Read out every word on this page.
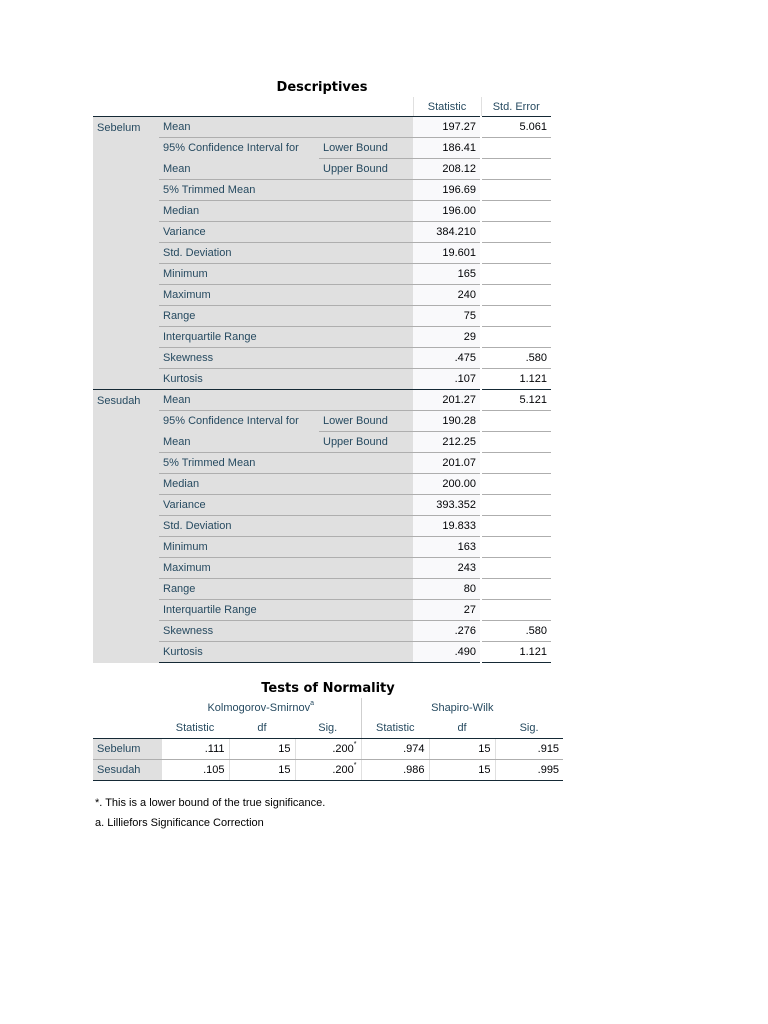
Descriptives
			Statistic	Std. Error
Sebelum	Mean		197.27	5.061
	95% Confidence Interval for	Lower Bound	186.41	
	Mean	Upper Bound	208.12	
	5% Trimmed Mean		196.69	
	Median		196.00	
	Variance		384.210	
	Std. Deviation		19.601	
	Minimum		165	
	Maximum		240	
	Range		75	
	Interquartile Range		29	
	Skewness		.475	.580
	Kurtosis		.107	1.121
Sesudah	Mean		201.27	5.121
	95% Confidence Interval for	Lower Bound	190.28	
	Mean	Upper Bound	212.25	
	5% Trimmed Mean		201.07	
	Median		200.00	
	Variance		393.352	
	Std. Deviation		19.833	
	Minimum		163	
	Maximum		243	
	Range		80	
	Interquartile Range		27	
	Skewness		.276	.580
	Kurtosis		.490	1.121
Tests of Normality
	Kolmogorov-Smirnov$^a$			Shapiro-Wilk		
	Statistic	df	Sig.	Statistic	df	Sig.
Sebelum	.111	15	.200*	.974	15	.915
Sesudah	.105	15	.200*	.986	15	.995
*. This is a lower bound of the true significance.
a. Lilliefors Significance Correction
